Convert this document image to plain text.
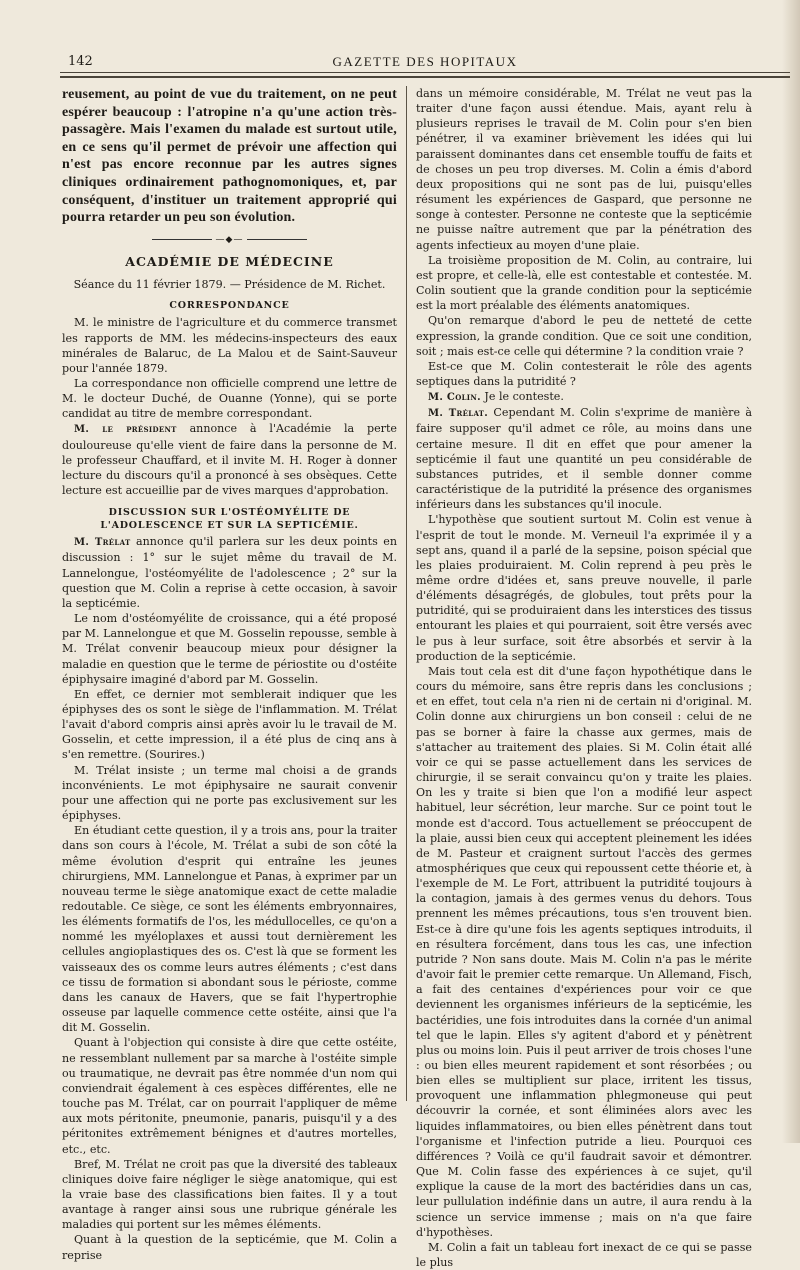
142	GAZETTE DES HOPITAUX

reusement, au point de vue du traitement, on ne peut espérer beaucoup : l'atropine n'a qu'une action très-passagère. Mais l'examen du malade est surtout utile, en ce sens qu'il permet de prévoir une affection qui n'est pas encore reconnue par les autres signes cliniques ordinairement pathognomoniques, et, par conséquent, d'instituer un traitement approprié qui pourra retarder un peu son évolution.

—◆—
ACADÉMIE DE MÉDECINE

Séance du 11 février 1879. — Présidence de M. Richet.

CORRESPONDANCE

M. le ministre de l'agriculture et du commerce transmet les rapports de MM. les médecins-inspecteurs des eaux minérales de Balaruc, de La Malou et de Saint-Sauveur pour l'année 1879.

La correspondance non officielle comprend une lettre de M. le docteur Duché, de Ouanne (Yonne), qui se porte candidat au titre de membre correspondant.

M. le président annonce à l'Académie la perte douloureuse qu'elle vient de faire dans la personne de M. le professeur Chauffard, et il invite M. H. Roger à donner lecture du discours qu'il a prononcé à ses obsèques. Cette lecture est accueillie par de vives marques d'approbation.

DISCUSSION SUR L'OSTÉOMYÉLITE DE L'ADOLESCENCE ET SUR LA SEPTICÉMIE.

M. Trélat annonce qu'il parlera sur les deux points en discussion : 1° sur le sujet même du travail de M. Lannelongue, l'ostéomyélite de l'adolescence ; 2° sur la question que M. Colin a reprise à cette occasion, à savoir la septicémie.

Le nom d'ostéomyélite de croissance, qui a été proposé par M. Lannelongue et que M. Gosselin repousse, semble à M. Trélat convenir beaucoup mieux pour désigner la maladie en question que le terme de périostite ou d'ostéite épiphysaire imaginé d'abord par M. Gosselin.

En effet, ce dernier mot semblerait indiquer que les épiphyses des os sont le siège de l'inflammation. M. Trélat l'avait d'abord compris ainsi après avoir lu le travail de M. Gosselin, et cette impression, il a été plus de cinq ans à s'en remettre. (Sourires.)

M. Trélat insiste ; un terme mal choisi a de grands inconvénients. Le mot épiphysaire ne saurait convenir pour une affection qui ne porte pas exclusivement sur les épiphyses.

En étudiant cette question, il y a trois ans, pour la traiter dans son cours à l'école, M. Trélat a subi de son côté la même évolution d'esprit qui entraîne les jeunes chirurgiens, MM. Lannelongue et Panas, à exprimer par un nouveau terme le siège anatomique exact de cette maladie redoutable. Ce siège, ce sont les éléments embryonnaires, les éléments formatifs de l'os, les médullocelles, ce qu'on a nommé les myéloplaxes et aussi tout dernièrement les cellules angioplastiques des os. C'est là que se forment les vaisseaux des os comme leurs autres éléments ; c'est dans ce tissu de formation si abondant sous le périoste, comme dans les canaux de Havers, que se fait l'hypertrophie osseuse par laquelle commence cette ostéite, ainsi que l'a dit M. Gosselin.

Quant à l'objection qui consiste à dire que cette ostéite, ne ressemblant nullement par sa marche à l'ostéite simple ou traumatique, ne devrait pas être nommée d'un nom qui conviendrait également à ces espèces différentes, elle ne touche pas M. Trélat, car on pourrait l'appliquer de même aux mots péritonite, pneumonie, panaris, puisqu'il y a des péritonites extrêmement bénignes et d'autres mortelles, etc., etc.

Bref, M. Trélat ne croit pas que la diversité des tableaux cliniques doive faire négliger le siège anatomique, qui est la vraie base des classifications bien faites. Il y a tout avantage à ranger ainsi sous une rubrique générale les maladies qui portent sur les mêmes éléments.

Quant à la question de la septicémie, que M. Colin a reprise

dans un mémoire considérable, M. Trélat ne veut pas la traiter d'une façon aussi étendue. Mais, ayant relu à plusieurs reprises le travail de M. Colin pour s'en bien pénétrer, il va examiner brièvement les idées qui lui paraissent dominantes dans cet ensemble touffu de faits et de choses un peu trop diverses. M. Colin a émis d'abord deux propositions qui ne sont pas de lui, puisqu'elles résument les expériences de Gaspard, que personne ne songe à contester. Personne ne conteste que la septicémie ne puisse naître autrement que par la pénétration des agents infectieux au moyen d'une plaie.

La troisième proposition de M. Colin, au contraire, lui est propre, et celle-là, elle est contestable et contestée. M. Colin soutient que la grande condition pour la septicémie est la mort préalable des éléments anatomiques.

Qu'on remarque d'abord le peu de netteté de cette expression, la grande condition. Que ce soit une condition, soit ; mais est-ce celle qui détermine ? la condition vraie ?

Est-ce que M. Colin contesterait le rôle des agents septiques dans la putridité ?

M. Colin. Je le conteste.

M. Trélat. Cependant M. Colin s'exprime de manière à faire supposer qu'il admet ce rôle, au moins dans une certaine mesure. Il dit en effet que pour amener la septicémie il faut une quantité un peu considérable de substances putrides, et il semble donner comme caractéristique de la putridité la présence des organismes inférieurs dans les substances qu'il inocule.

L'hypothèse que soutient surtout M. Colin est venue à l'esprit de tout le monde. M. Verneuil l'a exprimée il y a sept ans, quand il a parlé de la sepsine, poison spécial que les plaies produiraient. M. Colin reprend à peu près le même ordre d'idées et, sans preuve nouvelle, il parle d'éléments désagrégés, de globules, tout prêts pour la putridité, qui se produiraient dans les interstices des tissus entourant les plaies et qui pourraient, soit être versés avec le pus à leur surface, soit être absorbés et servir à la production de la septicémie.

Mais tout cela est dit d'une façon hypothétique dans le cours du mémoire, sans être repris dans les conclusions ; et en effet, tout cela n'a rien ni de certain ni d'original. M. Colin donne aux chirurgiens un bon conseil : celui de ne pas se borner à faire la chasse aux germes, mais de s'attacher au traitement des plaies. Si M. Colin était allé voir ce qui se passe actuellement dans les services de chirurgie, il se serait convaincu qu'on y traite les plaies. On les y traite si bien que l'on a modifié leur aspect habituel, leur sécrétion, leur marche. Sur ce point tout le monde est d'accord. Tous actuellement se préoccupent de la plaie, aussi bien ceux qui acceptent pleinement les idées de M. Pasteur et craignent surtout l'accès des germes atmosphériques que ceux qui repoussent cette théorie et, à l'exemple de M. Le Fort, attribuent la putridité toujours à la contagion, jamais à des germes venus du dehors. Tous prennent les mêmes précautions, tous s'en trouvent bien. Est-ce à dire qu'une fois les agents septiques introduits, il en résultera forcément, dans tous les cas, une infection putride ? Non sans doute. Mais M. Colin n'a pas le mérite d'avoir fait le premier cette remarque. Un Allemand, Fisch, a fait des centaines d'expériences pour voir ce que deviennent les organismes inférieurs de la septicémie, les bactéridies, une fois introduites dans la cornée d'un animal tel que le lapin. Elles s'y agitent d'abord et y pénètrent plus ou moins loin. Puis il peut arriver de trois choses l'une : ou bien elles meurent rapidement et sont résorbées ; ou bien elles se multiplient sur place, irritent les tissus, provoquent une inflammation phlegmoneuse qui peut découvrir la cornée, et sont éliminées alors avec les liquides inflammatoires, ou bien elles pénètrent dans tout l'organisme et l'infection putride a lieu. Pourquoi ces différences ? Voilà ce qu'il faudrait savoir et démontrer. Que M. Colin fasse des expériences à ce sujet, qu'il explique la cause de la mort des bactéridies dans un cas, leur pullulation indéfinie dans un autre, il aura rendu à la science un service immense ; mais on n'a que faire d'hypothèses.

M. Colin a fait un tableau fort inexact de ce qui se passe le plus
